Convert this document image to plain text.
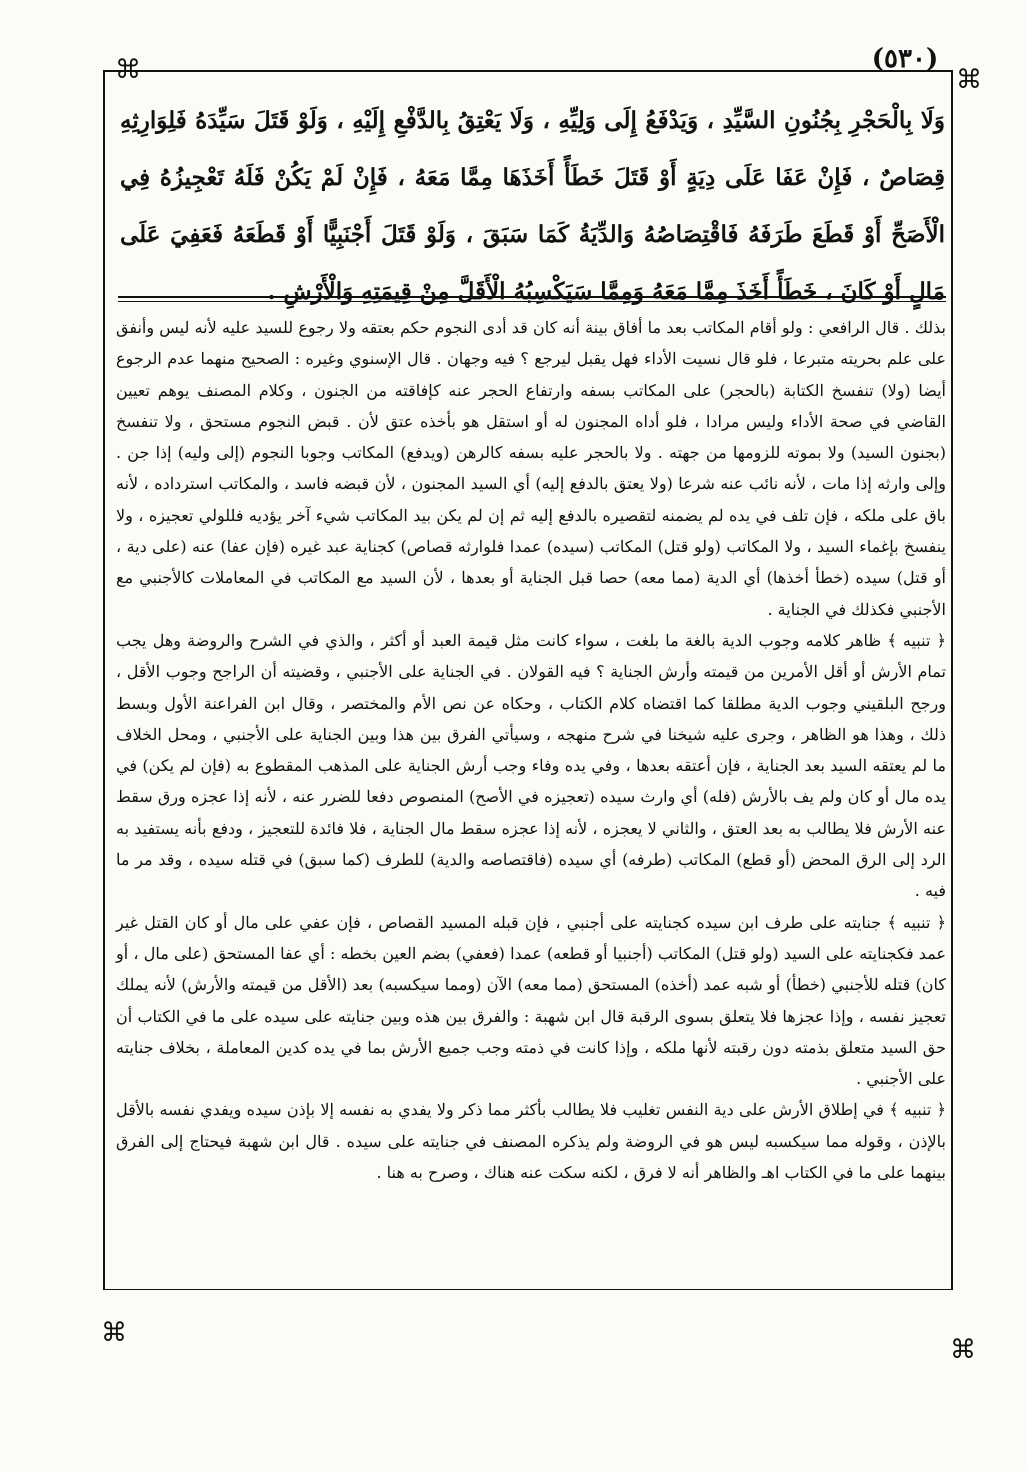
(٥٣٠)
⌘	⌘
⌘
⌘
وَلَا بِالْحَجْرِ بِجُنُونِ السَّيِّدِ ، وَيَدْفَعُ إِلَى وَلِيِّهِ ، وَلَا يَعْتِقُ بِالدَّفْعِ إِلَيْهِ ، وَلَوْ قَتَلَ سَيِّدَهُ فَلِوَارِثِهِ قِصَاصٌ ، فَإِنْ عَفَا عَلَى دِيَةٍ أَوْ قَتَلَ خَطَأً أَخَذَهَا مِمَّا مَعَهُ ، فَإِنْ لَمْ يَكُنْ فَلَهُ تَعْجِيزُهُ فِي الْأَصَحِّ أَوْ قَطَعَ طَرَفَهُ فَاقْتِصَاصُهُ وَالدِّيَةُ كَمَا سَبَقَ ، وَلَوْ قَتَلَ أَجْنَبِيًّا أَوْ قَطَعَهُ فَعَفِيَ عَلَى مَالٍ أَوْ كَانَ ، خَطَأً أَخَذَ مِمَّا مَعَهُ وَمِمَّا سَيَكْسِبُهُ الْأَقَلَّ مِنْ قِيمَتِهِ وَالْأَرْشِ .

بذلك . قال الرافعي : ولو أقام المكاتب بعد ما أفاق بينة أنه كان قد أدى النجوم حكم بعتقه ولا رجوع للسيد عليه لأنه ليس وأنفق على علم بحريته متبرعا ، فلو قال نسيت الأداء فهل يقبل ليرجع ؟ فيه وجهان . قال الإسنوي وغيره : الصحيح منهما عدم الرجوع أيضا (ولا) تنفسخ الكتابة (بالحجر) على المكاتب بسفه وارتفاع الحجر عنه كإفاقته من الجنون ، وكلام المصنف يوهم تعيين القاضي في صحة الأداء وليس مرادا ، فلو أداه المجنون له أو استقل هو بأخذه عتق لأن . قبض النجوم مستحق ، ولا تنفسخ (بجنون السيد) ولا بموته للزومها من جهته . ولا بالحجر عليه بسفه كالرهن (ويدفع) المكاتب وجوبا النجوم (إلى وليه) إذا جن . وإلى وارثه إذا مات ، لأنه نائب عنه شرعا (ولا يعتق بالدفع إليه) أي السيد المجنون ، لأن قبضه فاسد ، والمكاتب استرداده ، لأنه باق على ملكه ، فإن تلف في يده لم يضمنه لتقصيره بالدفع إليه ثم إن لم يكن بيد المكاتب شيء آخر يؤديه فللولي تعجيزه ، ولا ينفسخ بإغماء السيد ، ولا المكاتب (ولو قتل) المكاتب (سيده) عمدا فلوارثه قصاص) كجناية عبد غيره (فإن عفا) عنه (على دية ، أو قتل) سيده (خطأ أخذها) أي الدية (مما معه) حصا قبل الجناية أو بعدها ، لأن السيد مع المكاتب في المعاملات كالأجنبي مع الأجنبي فكذلك في الجناية .

﴿ تنبيه ﴾ ظاهر كلامه وجوب الدية بالغة ما بلغت ، سواء كانت مثل قيمة العبد أو أكثر ، والذي في الشرح والروضة وهل يجب تمام الأرش أو أقل الأمرين من قيمته وأرش الجناية ؟ فيه القولان . في الجناية على الأجنبي ، وقضيته أن الراجح وجوب الأقل ، ورجح البلقيني وجوب الدية مطلقا كما اقتضاه كلام الكتاب ، وحكاه عن نص الأم والمختصر ، وقال ابن الفراعنة الأول وبسط ذلك ، وهذا هو الظاهر ، وجرى عليه شيخنا في شرح منهجه ، وسيأتي الفرق بين هذا وبين الجناية على الأجنبي ، ومحل الخلاف ما لم يعتقه السيد بعد الجناية ، فإن أعتقه بعدها ، وفي يده وفاء وجب أرش الجناية على المذهب المقطوع به (فإن لم يكن) في يده مال أو كان ولم يف بالأرش (فله) أي وارث سيده (تعجيزه في الأصح) المنصوص دفعا للضرر عنه ، لأنه إذا عجزه ورق سقط عنه الأرش فلا يطالب به بعد العتق ، والثاني لا يعجزه ، لأنه إذا عجزه سقط مال الجناية ، فلا فائدة للتعجيز ، ودفع بأنه يستفيد به الرد إلى الرق المحض (أو قطع) المكاتب (طرفه) أي سيده (فاقتصاصه والدية) للطرف (كما سبق) في قتله سيده ، وقد مر ما فيه .

﴿ تنبيه ﴾ جنايته على طرف ابن سيده كجنايته على أجنبي ، فإن قبله المسيد القصاص ، فإن عفي على مال أو كان القتل غير عمد فكجنايته على السيد (ولو قتل) المكاتب (أجنبيا أو قطعه) عمدا (فعفي) بضم العين بخطه : أي عفا المستحق (على مال ، أو كان) قتله للأجنبي (خطأ) أو شبه عمد (أخذه) المستحق (مما معه) الآن (ومما سيكسبه) بعد (الأقل من قيمته والأرش) لأنه يملك تعجيز نفسه ، وإذا عجزها فلا يتعلق بسوى الرقبة قال ابن شهبة : والفرق بين هذه وبين جنايته على سيده على ما في الكتاب أن حق السيد متعلق بذمته دون رقبته لأنها ملكه ، وإذا كانت في ذمته وجب جميع الأرش بما في يده كدين المعاملة ، بخلاف جنايته على الأجنبي .

﴿ تنبيه ﴾ في إطلاق الأرش على دية النفس تغليب فلا يطالب بأكثر مما ذكر ولا يفدي به نفسه إلا بإذن سيده ويفدي نفسه بالأقل بالإذن ، وقوله مما سيكسبه ليس هو في الروضة ولم يذكره المصنف في جنايته على سيده . قال ابن شهبة فيحتاج إلى الفرق بينهما على ما في الكتاب اهـ والظاهر أنه لا فرق ، لكنه سكت عنه هناك ، وصرح به هنا .
